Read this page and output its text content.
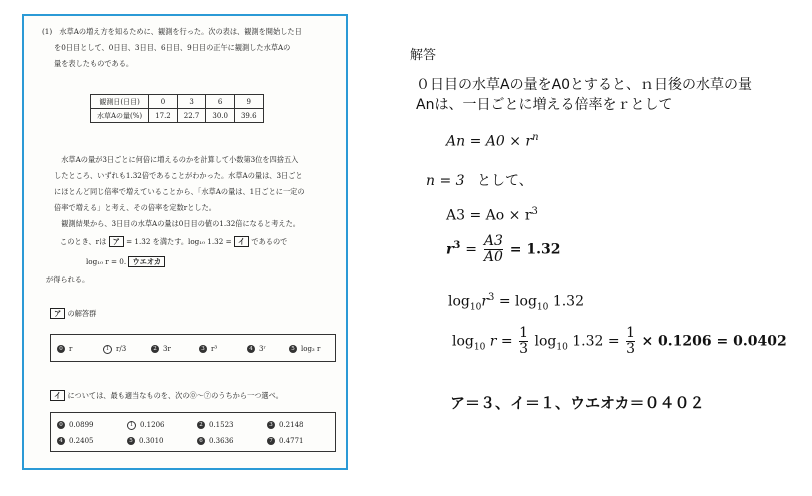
(1)　水草Aの増え方を知るために、観測を行った。次の表は、観測を開始した日
を0日目として、0日目、3日目、6日目、9日目の正午に観測した水草Aの
量を表したものである。
観測日(日目)	0	3	6	9
水草Aの量(%)	17.2	22.7	30.0	39.6
　水草Aの量が3日ごとに何倍に増えるのかを計算して小数第3位を四捨五入
したところ、いずれも1.32倍であることがわかった。水草Aの量は、3日ごと
にほとんど同じ倍率で増えていることから、「水草Aの量は、1日ごとに一定の
倍率で増える」と考え、その倍率を定数rとした。
　観測結果から、3日目の水草Aの量は0日目の値の1.32倍になると考えた。
このとき、rは ア = 1.32 を満たす。log₁₀ 1.32 = イ であるので
log₁₀ r = 0. ウエオカ
が得られる。
ア の解答群
0 r	1 r/3	2 3r	3 r³	4 3ʳ	5 log₃ r
イ については、最も適当なものを、次の⓪〜⑦のうちから一つ選べ。
0 0.0899	1 0.1206	2 0.1523	3 0.2148
4 0.2405	5 0.3010	6 0.3636	7 0.4771
解答
０日目の水草Aの量をA0とすると、ｎ日後の水草の量
Anは、一日ごとに増える倍率をｒとして
$An = A0 \times r^n$
n = 3 として、
$A3 = Ao \times r^3$
$r^3 = \frac{A3}{A0} = 1.32$
$\log_{10}r^3 = \log_{10} 1.32$
$\log_{10} r = \frac{1}{3} \log_{10} 1.32 = \frac{1}{3} \times 0.1206 = 0.0402$
ア＝３、イ＝１、ウエオカ＝０４０２
